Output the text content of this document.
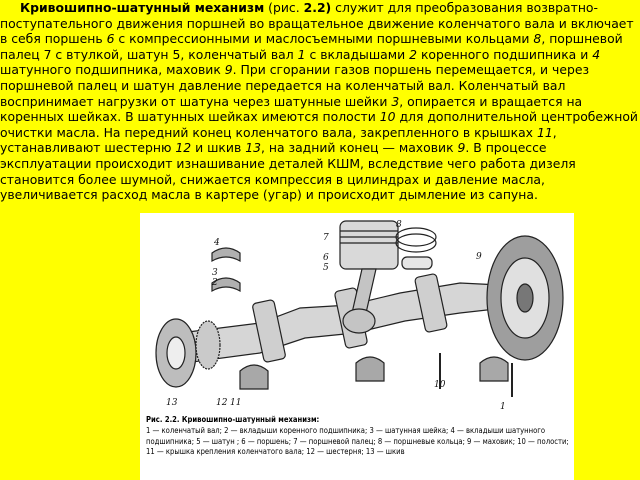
Кривошипно-шатунный механизм (рис. 2.2) служит для преобразования возвратно-поступательного движения поршней во вращательное движение коленчатого вала и включает в себя поршень 6 с компрессионными и маслосъемными поршневыми кольцами 8, поршневой палец 7 с втулкой, шатун 5, коленчатый вал 1 с вкладышами 2 коренного подшипника и 4 шатунного подшипника, маховик 9. При сгорании газов поршень перемещается, и через поршневой палец и шатун давление передается на коленчатый вал. Коленчатый вал воспринимает нагрузки от шатуна через шатунные шейки 3, опирается и вращается на коренных шейках. В шатунных шейках имеются полости 10 для дополнительной центробежной очистки масла. На передний конец коленчатого вала, закрепленного в крышках 11, устанавливают шестерню 12 и шкив 13, на задний конец — маховик 9. В процессе эксплуатации происходит изнашивание деталей КШМ, вследствие чего работа дизеля становится более шумной, снижается компрессия в цилиндрах и давление масла, увеличивается расход масла в картере (угар) и происходит дымление из сапуна.

4
3
2
7
6
5
8
9
13	12 11
10
1
Рис. 2.2. Кривошипно-шатунный механизм:
1 — коленчатый вал; 2 — вкладыши коренного подшипника; 3 — шатунная шейка; 4 — вкладыши шатунного подшипника; 5 — шатун ; 6 — поршень; 7 — поршневой палец; 8 — поршневые кольца; 9 — маховик; 10 — полости; 11 — крышка крепления коленчатого вала; 12 — шестерня; 13 — шкив
